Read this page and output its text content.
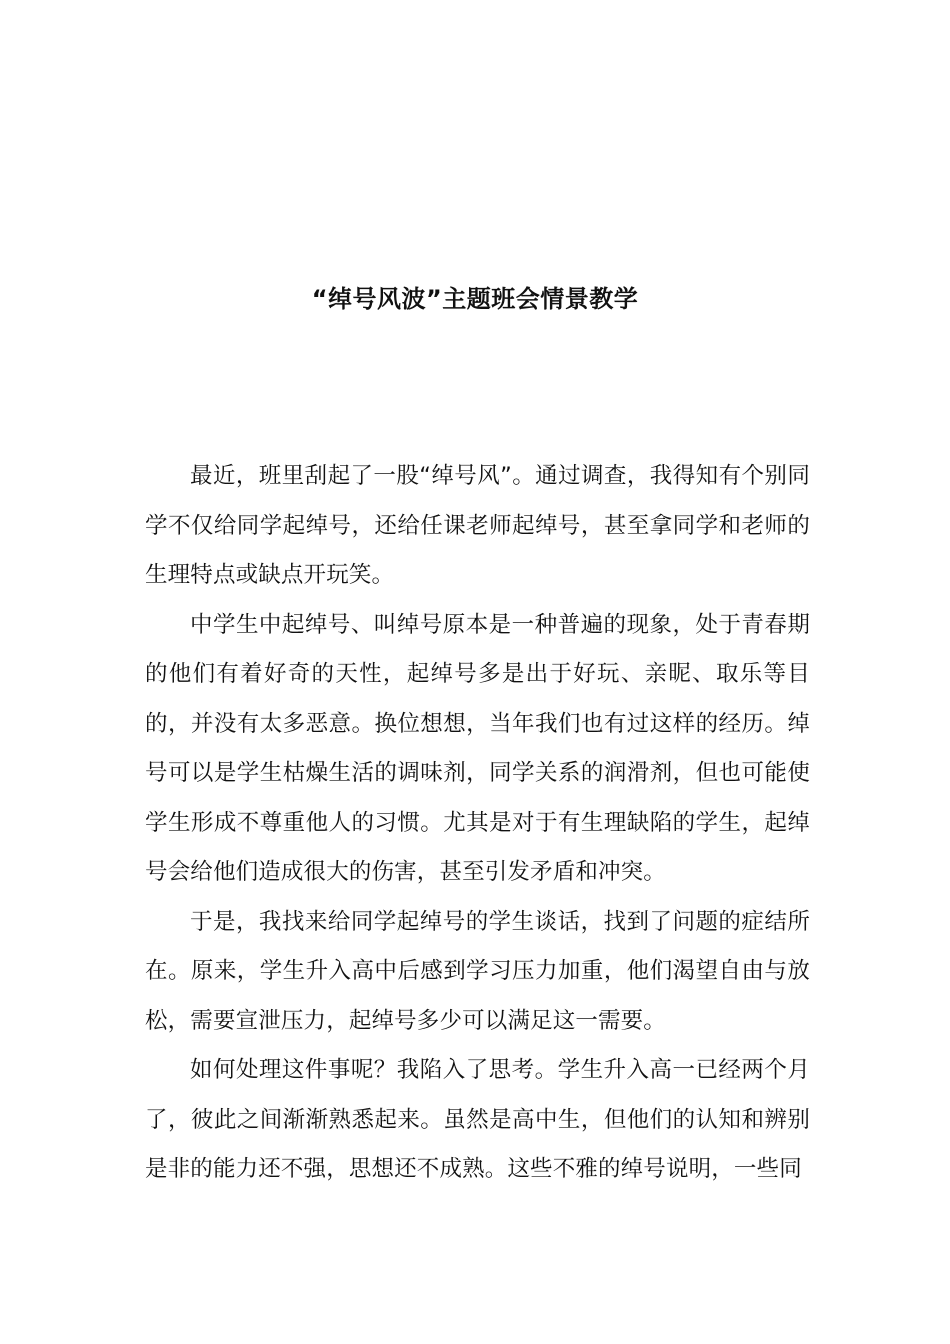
“绰号风波”主题班会情景教学

最近，班里刮起了一股“绰号风”。通过调查，我得知有个别同学不仅给同学起绰号，还给任课老师起绰号，甚至拿同学和老师的生理特点或缺点开玩笑。

中学生中起绰号、叫绰号原本是一种普遍的现象，处于青春期的他们有着好奇的天性，起绰号多是出于好玩、亲昵、取乐等目的，并没有太多恶意。换位想想，当年我们也有过这样的经历。绰号可以是学生枯燥生活的调味剂，同学关系的润滑剂，但也可能使学生形成不尊重他人的习惯。尤其是对于有生理缺陷的学生，起绰号会给他们造成很大的伤害，甚至引发矛盾和冲突。

于是，我找来给同学起绰号的学生谈话，找到了问题的症结所在。原来，学生升入高中后感到学习压力加重，他们渴望自由与放松，需要宣泄压力，起绰号多少可以满足这一需要。

如何处理这件事呢？我陷入了思考。学生升入高一已经两个月了，彼此之间渐渐熟悉起来。虽然是高中生，但他们的认知和辨别是非的能力还不强，思想还不成熟。这些不雅的绰号说明，一些同
